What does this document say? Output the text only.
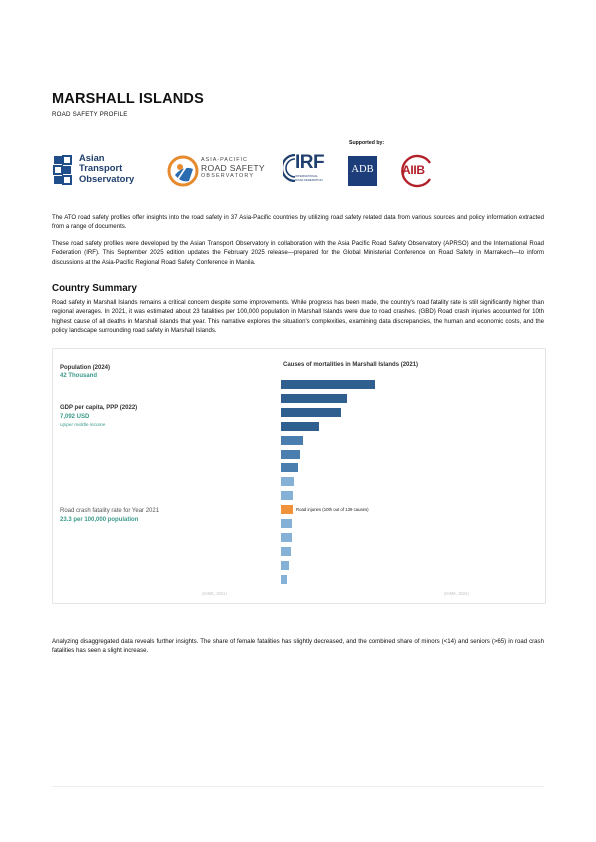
MARSHALL ISLANDS
ROAD SAFETY PROFILE
Supported by:
Asian
Transport
Observatory
ASIA-PACIFIC
ROAD SAFETY
OBSERVATORY
IRF
INTERNATIONAL
ROAD FEDERATION
ADB AIIB

The ATO road safety profiles offer insights into the road safety in 37 Asia-Pacific countries by utilizing road safety related data from various sources and policy information extracted from a range of documents.

These road safety profiles were developed by the Asian Transport Observatory in collaboration with the Asia Pacific Road Safety Observatory (APRSO) and the International Road Federation (IRF). This September 2025 edition updates the February 2025 release—prepared for the Global Ministerial Conference on Road Safety in Marrakech—to inform discussions at the Asia-Pacific Regional Road Safety Conference in Manila.

Country Summary

Road safety in Marshall Islands remains a critical concern despite some improvements. While progress has been made, the country's road fatality rate is still significantly higher than regional averages. In 2021, it was estimated about 23 fatalities per 100,000 population in Marshall Islands were due to road crashes. (GBD) Road crash injuries accounted for 10th highest cause of all deaths in Marshall islands that year. This narrative explores the situation's complexities, examining data discrepancies, the human and economic costs, and the policy landscape surrounding road safety in Marshall Islands.

Population (2024)
42 Thousand
GDP per capita, PPP (2022)
7,092 USD
Upper middle income
Road crash fatality rate for Year 2021
23.3 per 100,000 population
(IHME, 2021)	(IHME, 2024)
Causes of mortalities in Marshall Islands (2021)
Road injuries (10th out of 139 causes)

Analyzing disaggregated data reveals further insights. The share of female fatalities has slightly decreased, and the combined share of minors (<14) and seniors (>65) in road crash fatalities has seen a slight increase.
